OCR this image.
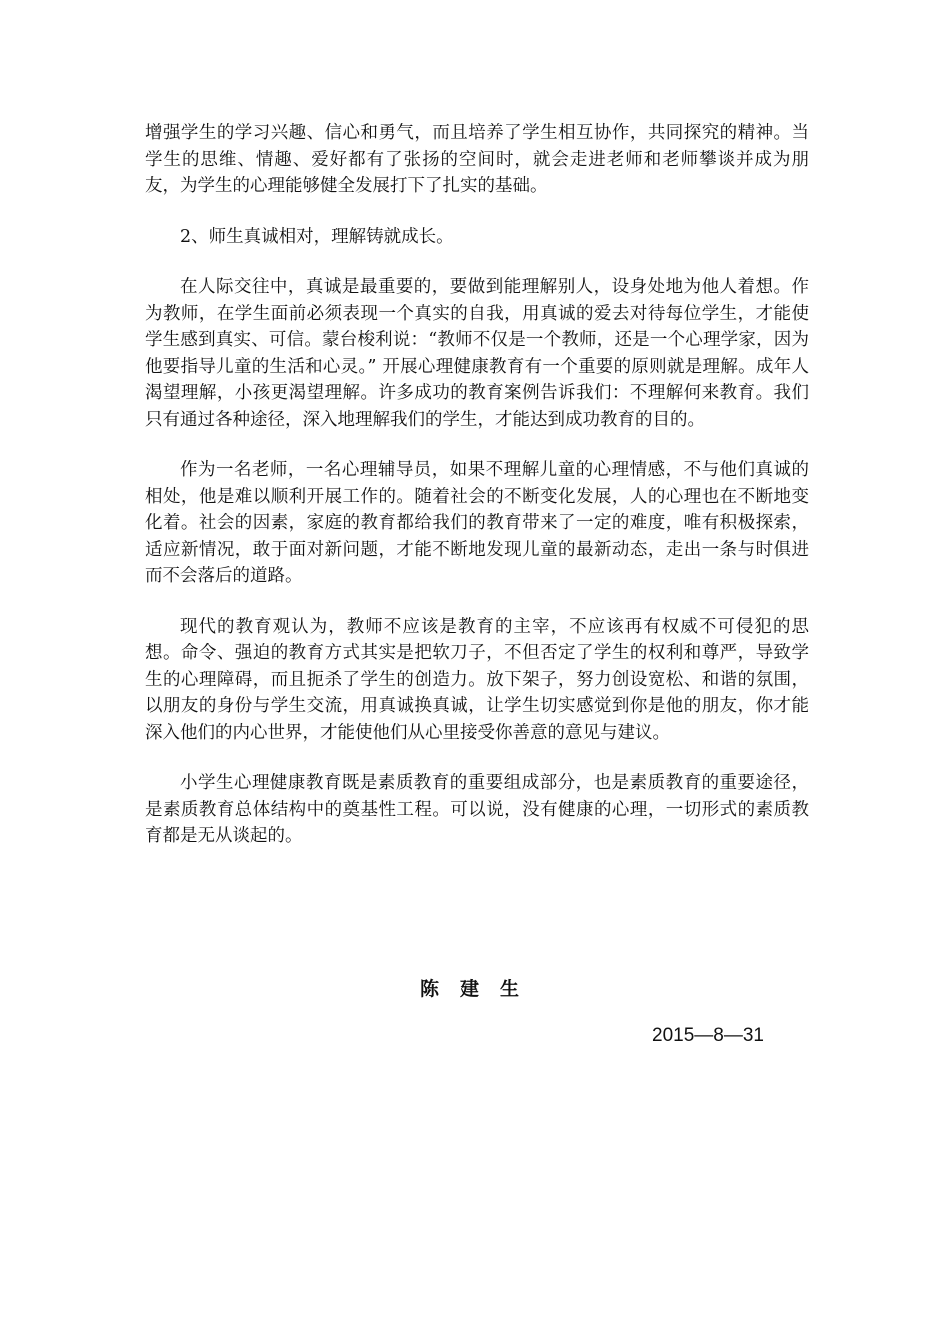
增强学生的学习兴趣、信心和勇气，而且培养了学生相互协作，共同探究的精神。当学生的思维、情趣、爱好都有了张扬的空间时，就会走进老师和老师攀谈并成为朋友，为学生的心理能够健全发展打下了扎实的基础。

2、师生真诚相对，理解铸就成长。

在人际交往中，真诚是最重要的，要做到能理解别人，设身处地为他人着想。作为教师，在学生面前必须表现一个真实的自我，用真诚的爱去对待每位学生，才能使学生感到真实、可信。蒙台梭利说：“教师不仅是一个教师，还是一个心理学家，因为他要指导儿童的生活和心灵。” 开展心理健康教育有一个重要的原则就是理解。成年人渴望理解，小孩更渴望理解。许多成功的教育案例告诉我们：不理解何来教育。我们只有通过各种途径，深入地理解我们的学生，才能达到成功教育的目的。

作为一名老师，一名心理辅导员，如果不理解儿童的心理情感，不与他们真诚的相处，他是难以顺利开展工作的。随着社会的不断变化发展，人的心理也在不断地变化着。社会的因素，家庭的教育都给我们的教育带来了一定的难度，唯有积极探索，适应新情况，敢于面对新问题，才能不断地发现儿童的最新动态，走出一条与时俱进而不会落后的道路。

现代的教育观认为，教师不应该是教育的主宰，不应该再有权威不可侵犯的思想。命令、强迫的教育方式其实是把软刀子，不但否定了学生的权利和尊严，导致学生的心理障碍，而且扼杀了学生的创造力。放下架子，努力创设宽松、和谐的氛围，以朋友的身份与学生交流，用真诚换真诚，让学生切实感觉到你是他的朋友，你才能深入他们的内心世界，才能使他们从心里接受你善意的意见与建议。

小学生心理健康教育既是素质教育的重要组成部分，也是素质教育的重要途径，是素质教育总体结构中的奠基性工程。可以说，没有健康的心理，一切形式的素质教育都是无从谈起的。

陈建生
2015—8—31
